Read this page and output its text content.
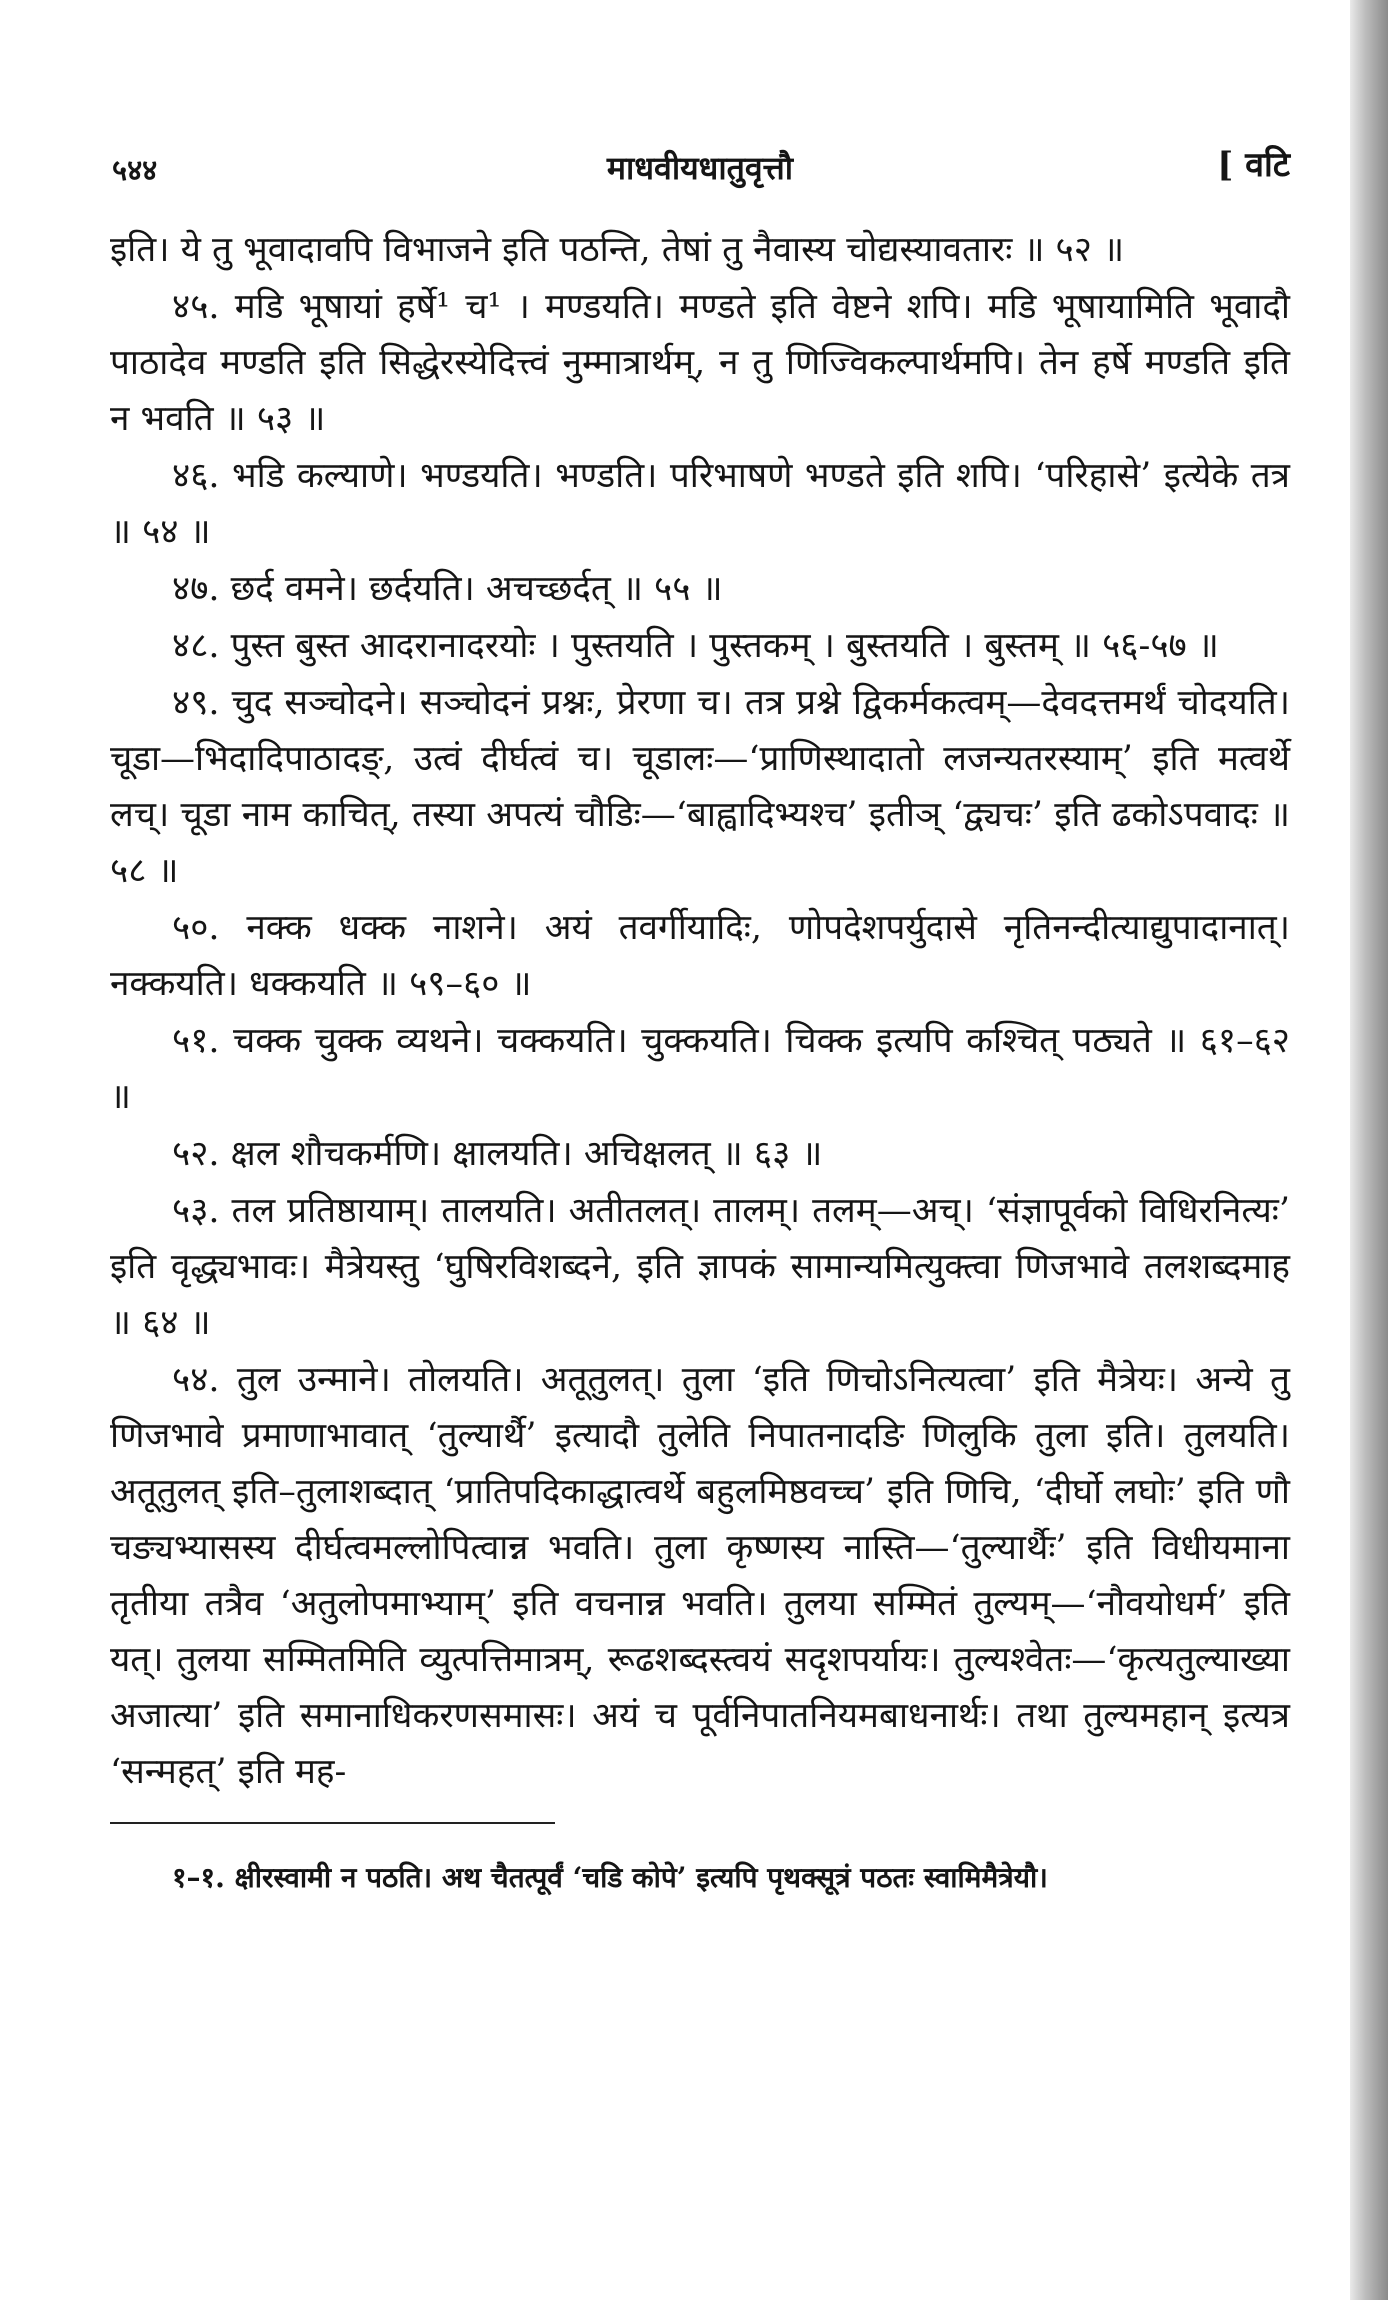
५४४	माधवीयधातुवृत्तौ	[ वटि

इति। ये तु भूवादावपि विभाजने इति पठन्ति, तेषां तु नैवास्य चोद्यस्यावतारः ॥ ५२ ॥

४५. मडि भूषायां हर्षे¹ च¹ । मण्डयति। मण्डते इति वेष्टने शपि। मडि भूषायामिति भूवादौ पाठादेव मण्डति इति सिद्धेरस्येदित्त्वं नुम्मात्रार्थम्, न तु णिज्विकल्पार्थमपि। तेन हर्षे मण्डति इति न भवति ॥ ५३ ॥

४६. भडि कल्याणे। भण्डयति। भण्डति। परिभाषणे भण्डते इति शपि। ‘परिहासे’ इत्येके तत्र ॥ ५४ ॥

४७. छर्द वमने। छर्दयति। अचच्छर्दत् ॥ ५५ ॥

४८. पुस्त बुस्त आदरानादरयोः । पुस्तयति । पुस्तकम् । बुस्तयति । बुस्तम् ॥ ५६-५७ ॥

४९. चुद सञ्चोदने। सञ्चोदनं प्रश्नः, प्रेरणा च। तत्र प्रश्ने द्विकर्मकत्वम्—देवदत्तमर्थं चोदयति। चूडा—भिदादिपाठादङ्, उत्वं दीर्घत्वं च। चूडालः—‘प्राणिस्थादातो लजन्यतरस्याम्’ इति मत्वर्थे लच्। चूडा नाम काचित्, तस्या अपत्यं चौडिः—‘बाह्वादिभ्यश्च’ इतीञ् ‘द्व्यचः’ इति ढकोऽपवादः ॥ ५८ ॥

५०. नक्क धक्क नाशने। अयं तवर्गीयादिः, णोपदेशपर्युदासे नृतिनन्दीत्याद्युपादानात्। नक्कयति। धक्कयति ॥ ५९–६० ॥

५१. चक्क चुक्क व्यथने। चक्कयति। चुक्कयति। चिक्क इत्यपि कश्चित् पठ्यते ॥ ६१–६२ ॥

५२. क्षल शौचकर्मणि। क्षालयति। अचिक्षलत् ॥ ६३ ॥

५३. तल प्रतिष्ठायाम्। तालयति। अतीतलत्। तालम्। तलम्—अच्। ‘संज्ञापूर्वको विधिरनित्यः’ इति वृद्ध्यभावः। मैत्रेयस्तु ‘घुषिरविशब्दने, इति ज्ञापकं सामान्यमित्युक्त्वा णिजभावे तलशब्दमाह ॥ ६४ ॥

५४. तुल उन्माने। तोलयति। अतूतुलत्। तुला ‘इति णिचोऽनित्यत्वा’ इति मैत्रेयः। अन्ये तु णिजभावे प्रमाणाभावात् ‘तुल्यार्थै’ इत्यादौ तुलेति निपातनादङि णिलुकि तुला इति। तुलयति। अतूतुलत् इति–तुलाशब्दात् ‘प्रातिपदिकाद्धात्वर्थे बहुलमिष्ठवच्च’ इति णिचि, ‘दीर्घो लघोः’ इति णौ चङ्यभ्यासस्य दीर्घत्वमल्लोपित्वान्न भवति। तुला कृष्णस्य नास्ति—‘तुल्यार्थैः’ इति विधीयमाना तृतीया तत्रैव ‘अतुलोपमाभ्याम्’ इति वचनान्न भवति। तुलया सम्मितं तुल्यम्—‘नौवयोधर्म’ इति यत्। तुलया सम्मितमिति व्युत्पत्तिमात्रम्, रूढशब्दस्त्वयं सदृशपर्यायः। तुल्यश्वेतः—‘कृत्यतुल्याख्या अजात्या’ इति समानाधिकरणसमासः। अयं च पूर्वनिपातनियमबाधनार्थः। तथा तुल्यमहान् इत्यत्र ‘सन्महत्’ इति मह-

१–१. क्षीरस्वामी न पठति। अथ चैतत्पूर्वं ‘चडि कोपे’ इत्यपि पृथक्सूत्रं पठतः स्वामिमैत्रेयौ।
